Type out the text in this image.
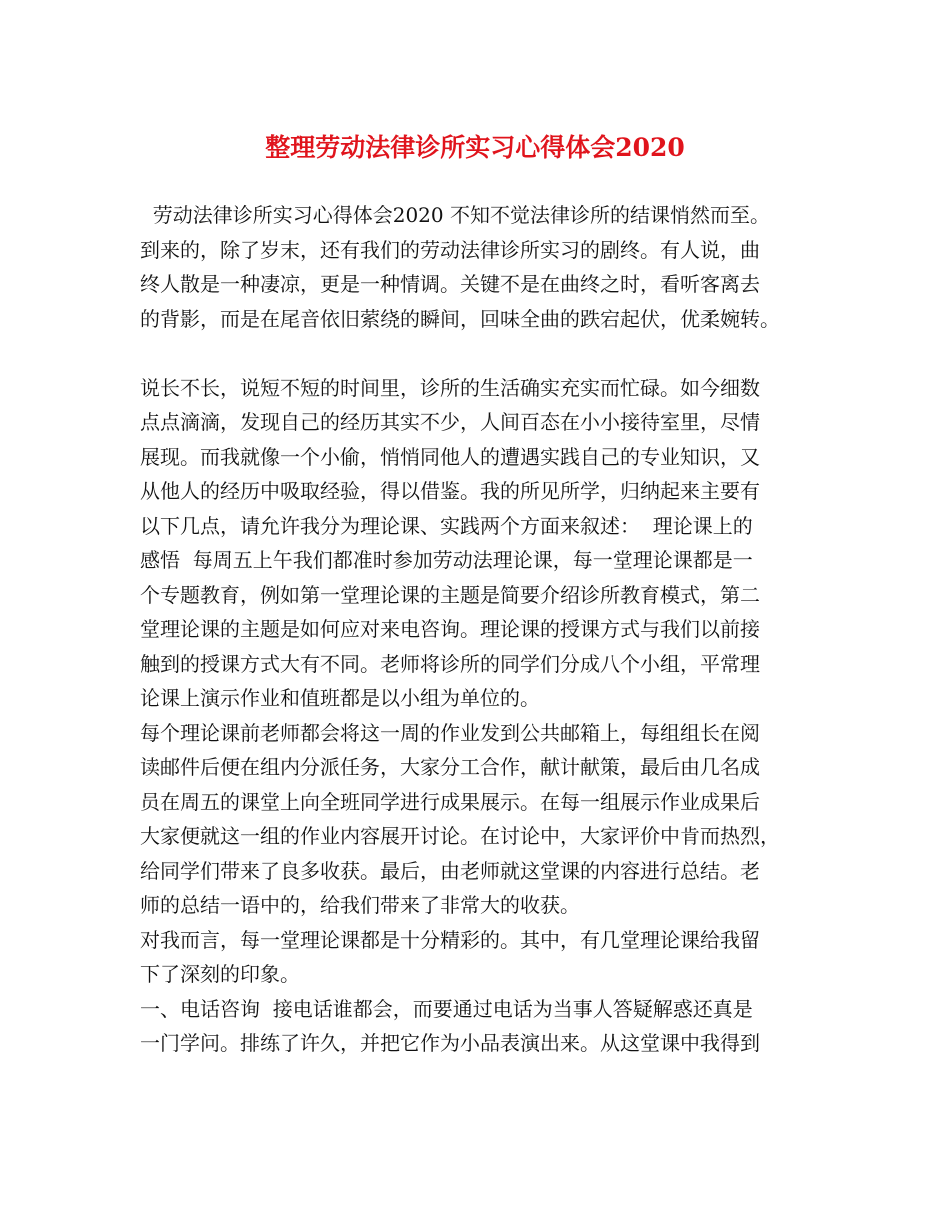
整理劳动法律诊所实习心得体会2020
劳动法律诊所实习心得体会2020 不知不觉法律诊所的结课悄然而至。
到来的，除了岁末，还有我们的劳动法律诊所实习的剧终。有人说，曲
终人散是一种凄凉，更是一种情调。关键不是在曲终之时，看听客离去
的背影，而是在尾音依旧萦绕的瞬间，回味全曲的跌宕起伏，优柔婉转。
说长不长，说短不短的时间里，诊所的生活确实充实而忙碌。如今细数
点点滴滴，发现自己的经历其实不少，人间百态在小小接待室里，尽情
展现。而我就像一个小偷，悄悄同他人的遭遇实践自己的专业知识，又
从他人的经历中吸取经验，得以借鉴。我的所见所学，归纳起来主要有
以下几点，请允许我分为理论课、实践两个方面来叙述：  理论课上的
感悟  每周五上午我们都准时参加劳动法理论课，每一堂理论课都是一
个专题教育，例如第一堂理论课的主题是简要介绍诊所教育模式，第二
堂理论课的主题是如何应对来电咨询。理论课的授课方式与我们以前接
触到的授课方式大有不同。老师将诊所的同学们分成八个小组，平常理
论课上演示作业和值班都是以小组为单位的。
每个理论课前老师都会将这一周的作业发到公共邮箱上，每组组长在阅
读邮件后便在组内分派任务，大家分工合作，献计献策，最后由几名成
员在周五的课堂上向全班同学进行成果展示。在每一组展示作业成果后
大家便就这一组的作业内容展开讨论。在讨论中，大家评价中肯而热烈，
给同学们带来了良多收获。最后，由老师就这堂课的内容进行总结。老
师的总结一语中的，给我们带来了非常大的收获。
对我而言，每一堂理论课都是十分精彩的。其中，有几堂理论课给我留
下了深刻的印象。
一、电话咨询  接电话谁都会，而要通过电话为当事人答疑解惑还真是
一门学问。排练了许久，并把它作为小品表演出来。从这堂课中我得到
